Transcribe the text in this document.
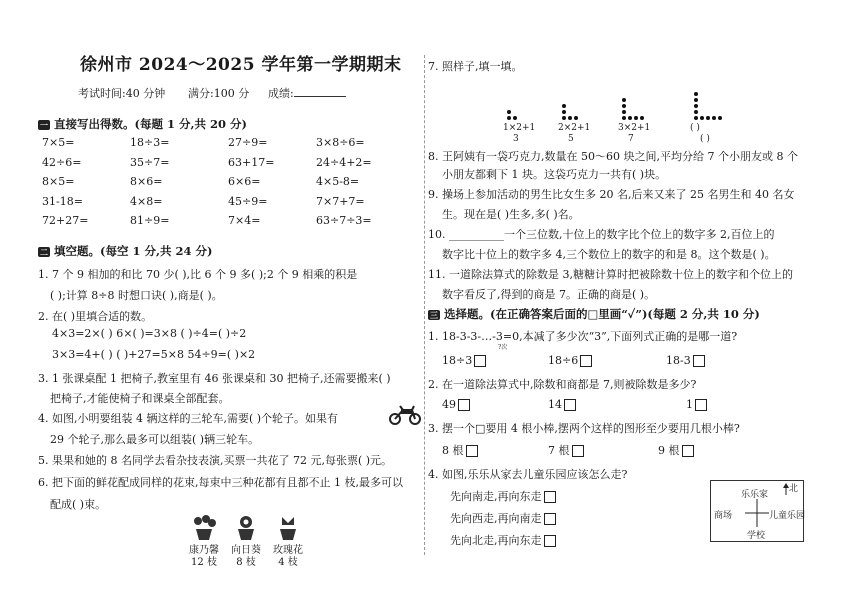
徐州市 2024～2025 学年第一学期期末
考试时间:40 分钟 满分:100 分 成绩:
一 直接写出得数。(每题 1 分,共 20 分)
7×5=	18÷3=	27÷9=	3×8÷6=
42÷6=	35÷7=	63+17=	24÷4+2=
8×5=	8×6=	6×6=	4×5-8=
31-18=	4×8=	45÷9=	7×7+7=
72+27=	81÷9=	7×4=	63÷7÷3=
二 填空题。(每空 1 分,共 24 分)
1. 7 个 9 相加的和比 70 少( ),比 6 个 9 多( );2 个 9 相乘的积是
( );计算 8÷8 时想口诀( ),商是( )。
2. 在( )里填合适的数。
4×3=2×( ) 6×( )=3×8 ( )÷4=( )÷2
3×3=4+( ) ( )+27=5×8 54÷9=( )×2
3. 1 张课桌配 1 把椅子,教室里有 46 张课桌和 30 把椅子,还需要搬来( )
把椅子,才能使椅子和课桌全部配套。
4. 如图,小明要组装 4 辆这样的三轮车,需要( )个轮子。如果有
29 个轮子,那么最多可以组装( )辆三轮车。
5. 果果和她的 8 名同学去看杂技表演,买票一共花了 72 元,每张票( )元。
6. 把下面的鲜花配成同样的花束,每束中三种花都有且都不止 1 枝,最多可以
配成( )束。
康乃馨
12 枝
向日葵
8 枝
玫瑰花
4 枝
7. 照样子,填一填。
1×2+1
3
2×2+1
5
3×2+1
7
( )
( )
8. 王阿姨有一袋巧克力,数量在 50～60 块之间,平均分给 7 个小朋友或 8 个
小朋友都剩下 1 块。这袋巧克力一共有( )块。
9. 操场上参加活动的男生比女生多 20 名,后来又来了 25 名男生和 40 名女
生。现在是( )生多,多( )名。
10. __________一个三位数,十位上的数字比个位上的数字多 2,百位上的
数字比十位上的数字多 4,三个数位上的数字的和是 8。这个数是( )。
11. 一道除法算式的除数是 3,糖糖计算时把被除数十位上的数字和个位上的
数字看反了,得到的商是 7。正确的商是( )。
三 选择题。(在正确答案后面的□里画“✓”)(每题 2 分,共 10 分)
1. 18-3-3-…-3=0,本减了多少次“3”,下面列式正确的是哪一道?
?次
18÷3	18÷6	18-3
2. 在一道除法算式中,除数和商都是 7,则被除数是多少?
49	14	1
3. 摆一个□要用 4 根小棒,摆两个这样的图形至少要用几根小棒?
8 根	7 根	9 根
4. 如图,乐乐从家去儿童乐园应该怎么走?
先向南走,再向东走
先向西走,再向南走
先向北走,再向东走
北
乐乐家
商场	儿童乐园
学校
